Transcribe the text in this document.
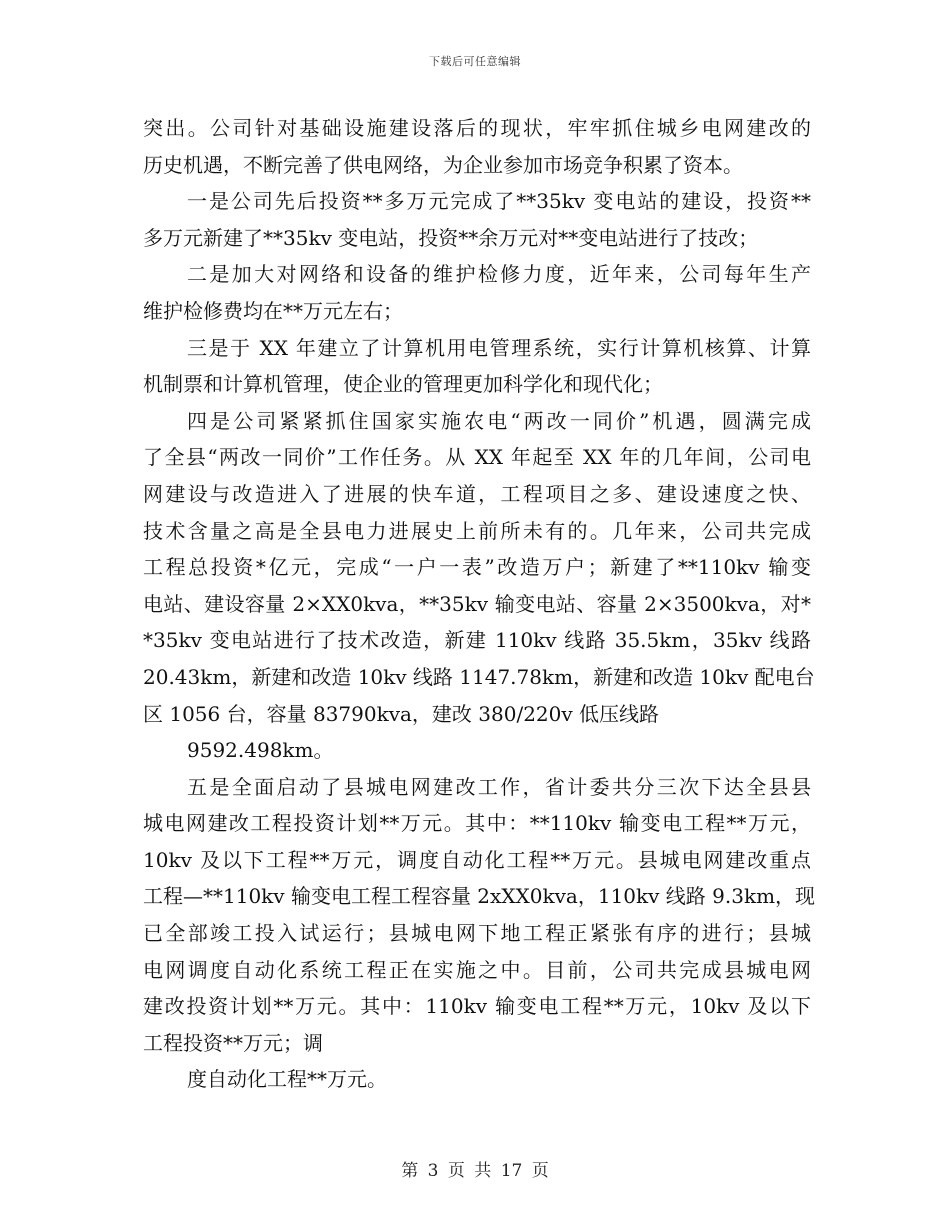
下载后可任意编辑
突出。公司针对基础设施建设落后的现状，牢牢抓住城乡电网建改的
历史机遇，不断完善了供电网络，为企业参加市场竞争积累了资本。
一是公司先后投资**多万元完成了**35kv 变电站的建设，投资**
多万元新建了**35kv 变电站，投资**余万元对**变电站进行了技改；
二是加大对网络和设备的维护检修力度，近年来，公司每年生产
维护检修费均在**万元左右；
三是于 XX 年建立了计算机用电管理系统，实行计算机核算、计算
机制票和计算机管理，使企业的管理更加科学化和现代化；
四是公司紧紧抓住国家实施农电“两改一同价”机遇，圆满完成
了全县“两改一同价”工作任务。从 XX 年起至 XX 年的几年间，公司电
网建设与改造进入了进展的快车道，工程项目之多、建设速度之快、
技术含量之高是全县电力进展史上前所未有的。几年来，公司共完成
工程总投资*亿元，完成“一户一表”改造万户；新建了**110kv 输变
电站、建设容量 2×XX0kva，**35kv 输变电站、容量 2×3500kva，对*
*35kv 变电站进行了技术改造，新建 110kv 线路 35.5km，35kv 线路
20.43km，新建和改造 10kv 线路 1147.78km，新建和改造 10kv 配电台
区 1056 台，容量 83790kva，建改 380/220v 低压线路
9592.498km。
五是全面启动了县城电网建改工作，省计委共分三次下达全县县
城电网建改工程投资计划**万元。其中：**110kv 输变电工程**万元，
10kv 及以下工程**万元，调度自动化工程**万元。县城电网建改重点
工程—**110kv 输变电工程工程容量 2xXX0kva，110kv 线路 9.3km，现
已全部竣工投入试运行；县城电网下地工程正紧张有序的进行；县城
电网调度自动化系统工程正在实施之中。目前，公司共完成县城电网
建改投资计划**万元。其中：110kv 输变电工程**万元，10kv 及以下
工程投资**万元；调
度自动化工程**万元。
第 3 页 共 17 页
